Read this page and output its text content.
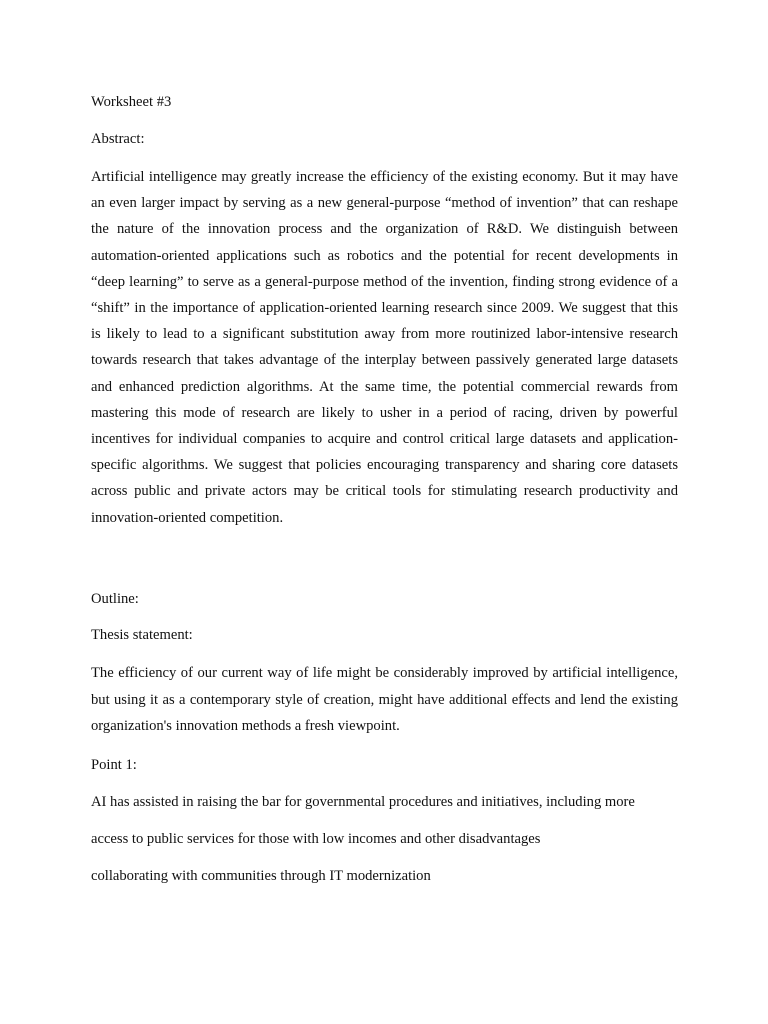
Worksheet #3
Abstract:
Artificial intelligence may greatly increase the efficiency of the existing economy. But it may have an even larger impact by serving as a new general-purpose “method of invention” that can reshape the nature of the innovation process and the organization of R&D. We distinguish between automation-oriented applications such as robotics and the potential for recent developments in “deep learning” to serve as a general-purpose method of the invention, finding strong evidence of a “shift” in the importance of application-oriented learning research since 2009. We suggest that this is likely to lead to a significant substitution away from more routinized labor-intensive research towards research that takes advantage of the interplay between passively generated large datasets and enhanced prediction algorithms. At the same time, the potential commercial rewards from mastering this mode of research are likely to usher in a period of racing, driven by powerful incentives for individual companies to acquire and control critical large datasets and application-specific algorithms. We suggest that policies encouraging transparency and sharing core datasets across public and private actors may be critical tools for stimulating research productivity and innovation-oriented competition.
Outline:
Thesis statement:
The efficiency of our current way of life might be considerably improved by artificial intelligence, but using it as a contemporary style of creation, might have additional effects and lend the existing organization's innovation methods a fresh viewpoint.
Point 1:
AI has assisted in raising the bar for governmental procedures and initiatives, including more
access to public services for those with low incomes and other disadvantages
collaborating with communities through IT modernization
